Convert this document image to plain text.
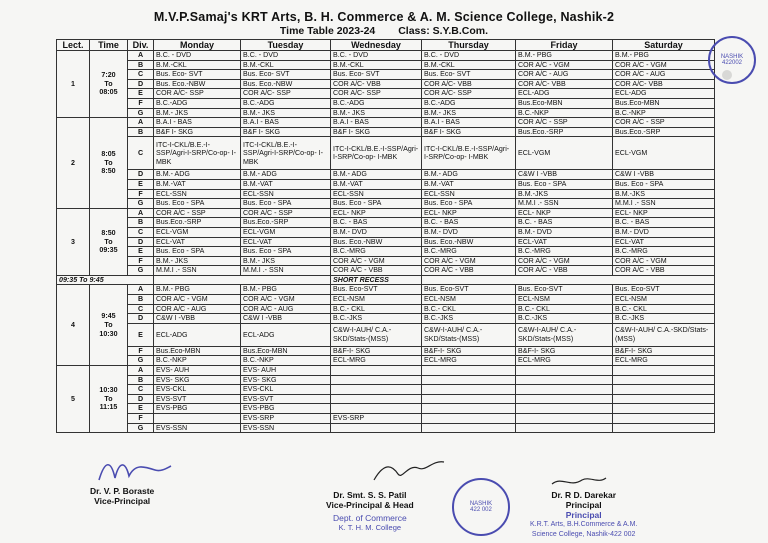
M.V.P.Samaj's KRT Arts, B. H. Commerce & A. M. Science College, Nashik-2
Time Table 2023-24 Class: S.Y.B.Com.
Lect.	Time	Div.	Monday	Tuesday	Wednesday	Thursday	Friday	Saturday
1	7:20
To
08:05	A	B.C. - DVD	B.C. - DVD	B.C. - DVD	B.C. - DVD	B.M.- PBG	B.M.- PBG
		B	B.M.-CKL	B.M.-CKL	B.M.-CKL	B.M.-CKL	COR A/C - VGM	COR A/C - VGM
		C	Bus. Eco- SVT	Bus. Eco- SVT	Bus. Eco- SVT	Bus. Eco- SVT	COR A/C - AUG	COR A/C - AUG
		D	Bus. Eco.-NBW	Bus. Eco.-NBW	COR A/C- VBB	COR A/C- VBB	COR A/C- VBB	COR A/C- VBB
		E	COR A/C- SSP	COR A/C- SSP	COR A/C- SSP	COR A/C- SSP	ECL-ADG	ECL-ADG
		F	B.C.-ADG	B.C.-ADG	B.C.-ADG	B.C.-ADG	Bus.Eco-MBN	Bus.Eco-MBN
		G	B.M.- JKS	B.M.- JKS	B.M.- JKS	B.M.- JKS	B.C.-NKP	B.C.-NKP
2	8:05
To
8:50	A	B.A.I - BAS	B.A.I - BAS	B.A.I - BAS	B.A.I - BAS	COR A/C - SSP	COR A/C - SSP
		B	B&F I- SKG	B&F I- SKG	B&F I- SKG	B&F I- SKG	Bus.Eco.-SRP	Bus.Eco.-SRP
		C	ITC-I-CKL/B.E.-I-SSP/Agri-I-SRP/Co-op- I-MBK	ITC-I-CKL/B.E.-I-SSP/Agri-I-SRP/Co-op- I-MBK	ITC-I-CKL/B.E.-I-SSP/Agri-I-SRP/Co-op- I-MBK	ITC-I-CKL/B.E.-I-SSP/Agri-I-SRP/Co-op- I-MBK	ECL-VGM	ECL-VGM
		D	B.M.- ADG	B.M.- ADG	B.M.- ADG	B.M.- ADG	C&W I -VBB	C&W I -VBB
		E	B.M.-VAT	B.M.-VAT	B.M.-VAT	B.M.-VAT	Bus. Eco - SPA	Bus. Eco - SPA
		F	ECL-SSN	ECL-SSN	ECL-SSN	ECL-SSN	B.M.-JKS	B.M.-JKS
		G	Bus. Eco - SPA	Bus. Eco - SPA	Bus. Eco - SPA	Bus. Eco - SPA	M.M.I .- SSN	M.M.I .- SSN
3	8:50
To
09:35	A	COR A/C - SSP	COR A/C - SSP	ECL- NKP	ECL- NKP	ECL- NKP	ECL- NKP
		B	Bus.Eco.-SRP	Bus.Eco.-SRP	B.C. - BAS	B.C. - BAS	B.C. - BAS	B.C. - BAS
		C	ECL-VGM	ECL-VGM	B.M.- DVD	B.M.- DVD	B.M.- DVD	B.M.- DVD
		D	ECL-VAT	ECL-VAT	Bus. Eco.-NBW	Bus. Eco.-NBW	ECL-VAT	ECL-VAT
		E	Bus. Eco - SPA	Bus. Eco - SPA	B.C.-MRG	B.C.-MRG	B.C.-MRG	B.C.-MRG
		F	B.M.- JKS	B.M.- JKS	COR A/C - VGM	COR A/C - VGM	COR A/C - VGM	COR A/C - VGM
		G	M.M.I .- SSN	M.M.I .- SSN	COR A/C - VBB	COR A/C - VBB	COR A/C - VBB	COR A/C - VBB
09:35 To 9:45					SHORT RECESS			
4	9:45
To
10:30	A	B.M.- PBG	B.M.- PBG	Bus. Eco-SVT	Bus. Eco-SVT	Bus. Eco-SVT	Bus. Eco-SVT
		B	COR A/C - VGM	COR A/C - VGM	ECL-NSM	ECL-NSM	ECL-NSM	ECL-NSM
		C	COR A/C - AUG	COR A/C - AUG	B.C.- CKL	B.C.- CKL	B.C.- CKL	B.C.- CKL
		D	C&W I -VBB	C&W I -VBB	B.C.-JKS	B.C.-JKS	B.C.-JKS	B.C.-JKS
		E	ECL-ADG	ECL-ADG	C&W-I-AUH/ C.A.-SKD/Stats-(MSS)	C&W-I-AUH/ C.A.-SKD/Stats-(MSS)	C&W-I-AUH/ C.A.-SKD/Stats-(MSS)	C&W-I-AUH/ C.A.-SKD/Stats-(MSS)
		F	Bus.Eco-MBN	Bus.Eco-MBN	B&F-I- SKG	B&F-I- SKG	B&F-I- SKG	B&F-I- SKG
		G	B.C.-NKP	B.C.-NKP	ECL-MRG	ECL-MRG	ECL-MRG	ECL-MRG
5	10:30
To
11:15	A	EVS- AUH	EVS- AUH				
		B	EVS- SKG	EVS- SKG				
		C	EVS-CKL	EVS-CKL				
		D	EVS-SVT	EVS-SVT				
		E	EVS-PBG	EVS-PBG				
		F		EVS-SRP	EVS-SRP			
		G	EVS-SSN	EVS-SSN				
NASHIK
422002
Dr. V. P. Boraste
Vice-Principal
Dr. Smt. S. S. Patil
Vice-Principal & Head
Dept. of Commerce
K. T. H. M. College
NASHIK
422 002
Dr. R D. Darekar
Principal
Principal
K.R.T. Arts, B.H.Commerce & A.M.
Science College, Nashik-422 002
